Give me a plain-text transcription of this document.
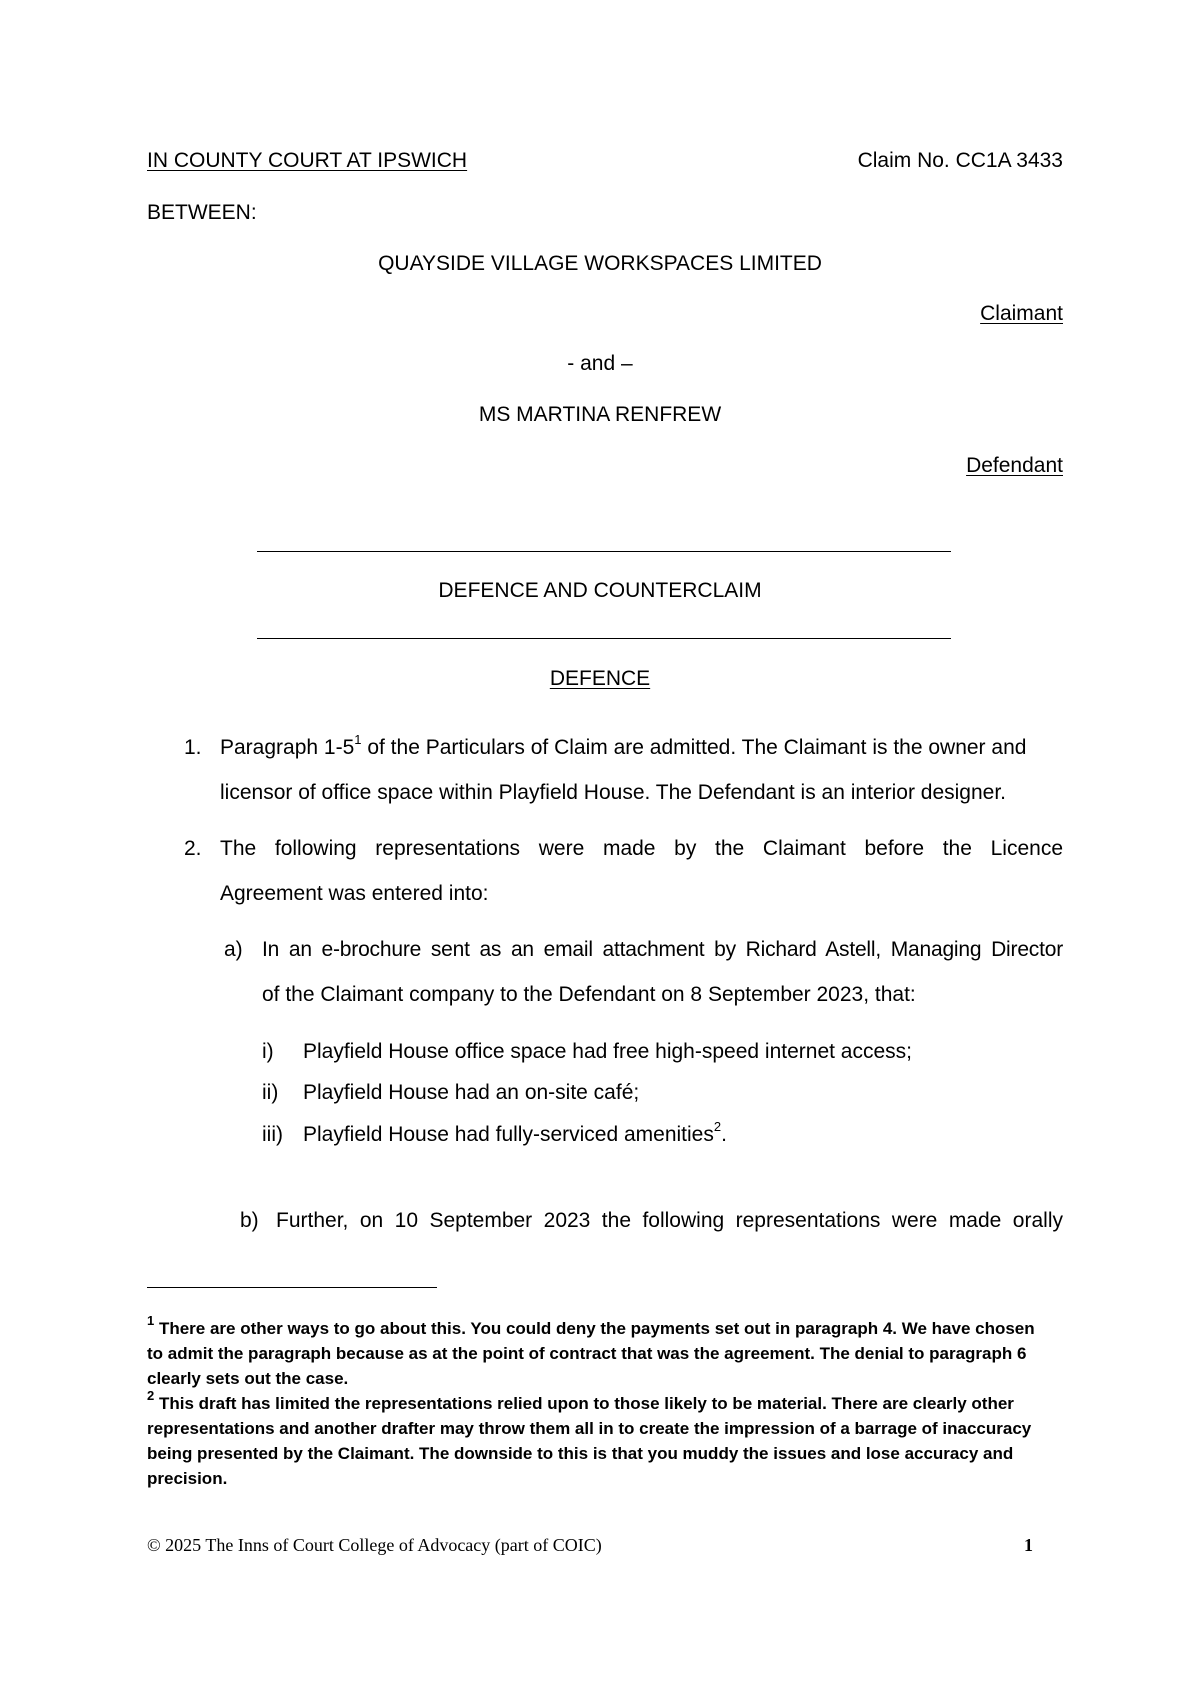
IN COUNTY COURT AT IPSWICH	Claim No. CC1A 3433
BETWEEN:
QUAYSIDE VILLAGE WORKSPACES LIMITED
Claimant
- and –
MS MARTINA RENFREW
Defendant
DEFENCE AND COUNTERCLAIM
DEFENCE
1. Paragraph $1-5^1$ of the Particulars of Claim are admitted. The Claimant is the owner and
licensor of office space within Playfield House. The Defendant is an interior designer.
2. The following representations were made by the Claimant before the Licence
Agreement was entered into:
a) In an e-brochure sent as an email attachment by Richard Astell, Managing Director
of the Claimant company to the Defendant on 8 September 2023, that:
i) Playfield House office space had free high-speed internet access;
ii) Playfield House had an on-site café;
iii) Playfield House had fully-serviced amenities$^2$.
b) Further, on 10 September 2023 the following representations were made orally
$^1$ There are other ways to go about this. You could deny the payments set out in paragraph 4. We have chosen
to admit the paragraph because as at the point of contract that was the agreement. The denial to paragraph 6
clearly sets out the case.
$^2$ This draft has limited the representations relied upon to those likely to be material. There are clearly other
representations and another drafter may throw them all in to create the impression of a barrage of inaccuracy
being presented by the Claimant. The downside to this is that you muddy the issues and lose accuracy and
precision.
© 2025 The Inns of Court College of Advocacy (part of COIC)	1
